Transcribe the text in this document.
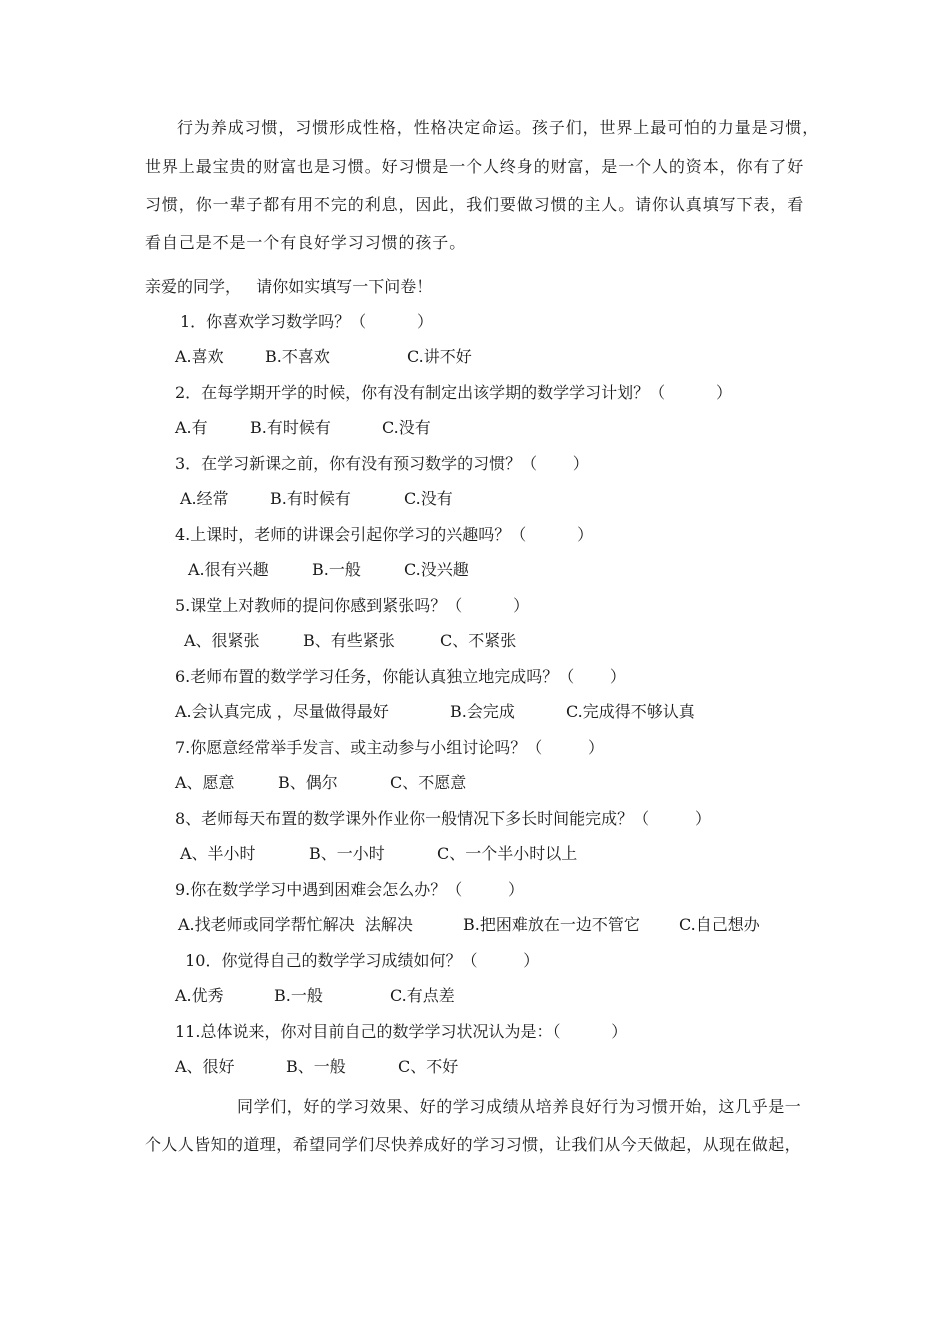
行为养成习惯，习惯形成性格，性格决定命运。孩子们，世界上最可怕的力量是习惯，
世界上最宝贵的财富也是习惯。好习惯是一个人终身的财富，是一个人的资本，你有了好
习惯，你一辈子都有用不完的利息，因此，我们要做习惯的主人。请你认真填写下表，看
看自己是不是一个有良好学习习惯的孩子。
亲爱的同学，   请你如实填写一下问卷！
1．你喜欢学习数学吗？（          ）
A.喜欢	B.不喜欢	C.讲不好
2．在每学期开学的时候，你有没有制定出该学期的数学学习计划？（          ）
A.有	B.有时候有	C.没有
3．在学习新课之前，你有没有预习数学的习惯？（       ）
A.经常	B.有时候有	C.没有
4.上课时，老师的讲课会引起你学习的兴趣吗？（          ）
A.很有兴趣	B.一般	C.没兴趣
5.课堂上对教师的提问你感到紧张吗？（          ）
A、很紧张	B、有些紧张	C、不紧张
6.老师布置的数学学习任务，你能认真独立地完成吗？（       ）
A.会认真完成 ，尽量做得最好	B.会完成	C.完成得不够认真
7.你愿意经常举手发言、或主动参与小组讨论吗？（         ）
A、愿意	B、偶尔	C、不愿意
8、老师每天布置的数学课外作业你一般情况下多长时间能完成？（         ）
A、半小时	B、一小时	C、一个半小时以上
9.你在数学学习中遇到困难会怎么办？（         ）
A.找老师或同学帮忙解决  法解决	B.把困难放在一边不管它 C.自己想办
10．你觉得自己的数学学习成绩如何？（         ）
A.优秀	B.一般	C.有点差
11.总体说来，你对目前自己的数学学习状况认为是：（          ）
A、很好	B、一般	C、不好
同学们，好的学习效果、好的学习成绩从培养良好行为习惯开始，这几乎是一
个人人皆知的道理，希望同学们尽快养成好的学习习惯，让我们从今天做起，从现在做起，
